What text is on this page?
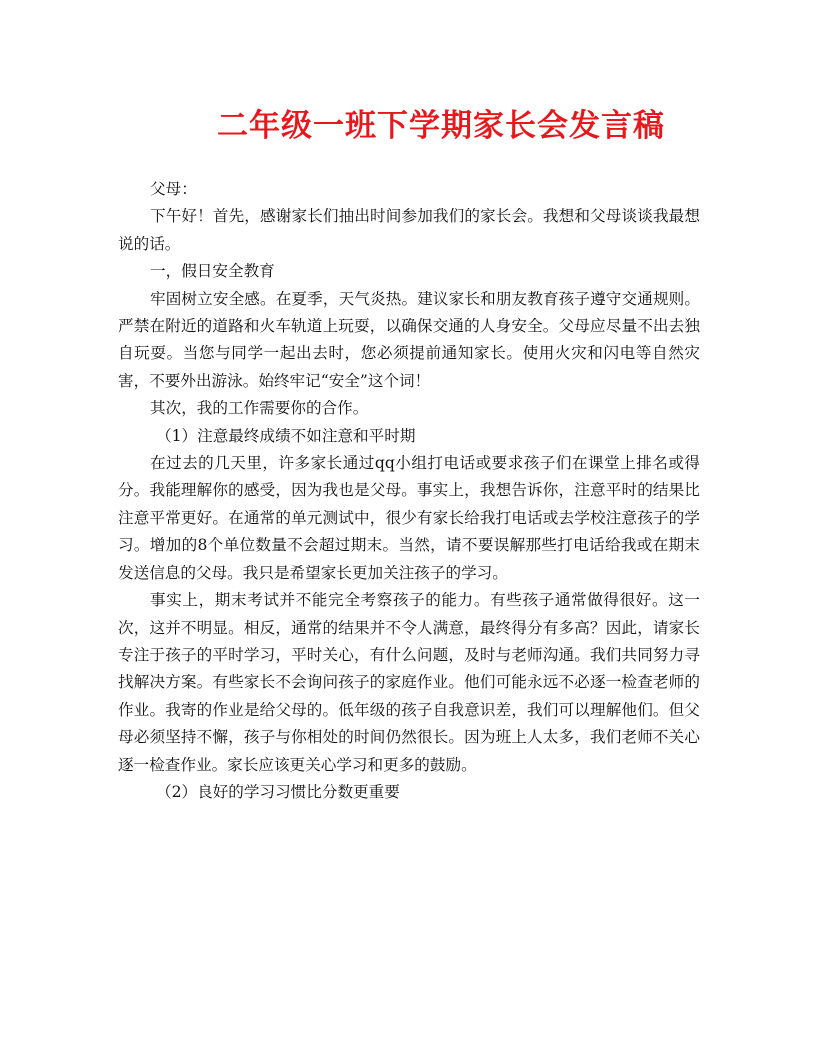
二年级一班下学期家长会发言稿

父母：

下午好！首先，感谢家长们抽出时间参加我们的家长会。我想和父母谈谈我最想说的话。

一，假日安全教育

牢固树立安全感。在夏季，天气炎热。建议家长和朋友教育孩子遵守交通规则。严禁在附近的道路和火车轨道上玩耍，以确保交通的人身安全。父母应尽量不出去独自玩耍。当您与同学一起出去时，您必须提前通知家长。使用火灾和闪电等自然灾害，不要外出游泳。始终牢记“安全”这个词！

其次，我的工作需要你的合作。

（1）注意最终成绩不如注意和平时期

在过去的几天里，许多家长通过qq小组打电话或要求孩子们在课堂上排名或得分。我能理解你的感受，因为我也是父母。事实上，我想告诉你，注意平时的结果比注意平常更好。在通常的单元测试中，很少有家长给我打电话或去学校注意孩子的学习。增加的8个单位数量不会超过期末。当然，请不要误解那些打电话给我或在期末发送信息的父母。我只是希望家长更加关注孩子的学习。

事实上，期末考试并不能完全考察孩子的能力。有些孩子通常做得很好。这一次，这并不明显。相反，通常的结果并不令人满意，最终得分有多高？因此，请家长专注于孩子的平时学习，平时关心，有什么问题，及时与老师沟通。我们共同努力寻找解决方案。有些家长不会询问孩子的家庭作业。他们可能永远不必逐一检查老师的作业。我寄的作业是给父母的。低年级的孩子自我意识差，我们可以理解他们。但父母必须坚持不懈，孩子与你相处的时间仍然很长。因为班上人太多，我们老师不关心逐一检查作业。家长应该更关心学习和更多的鼓励。

（2）良好的学习习惯比分数更重要
